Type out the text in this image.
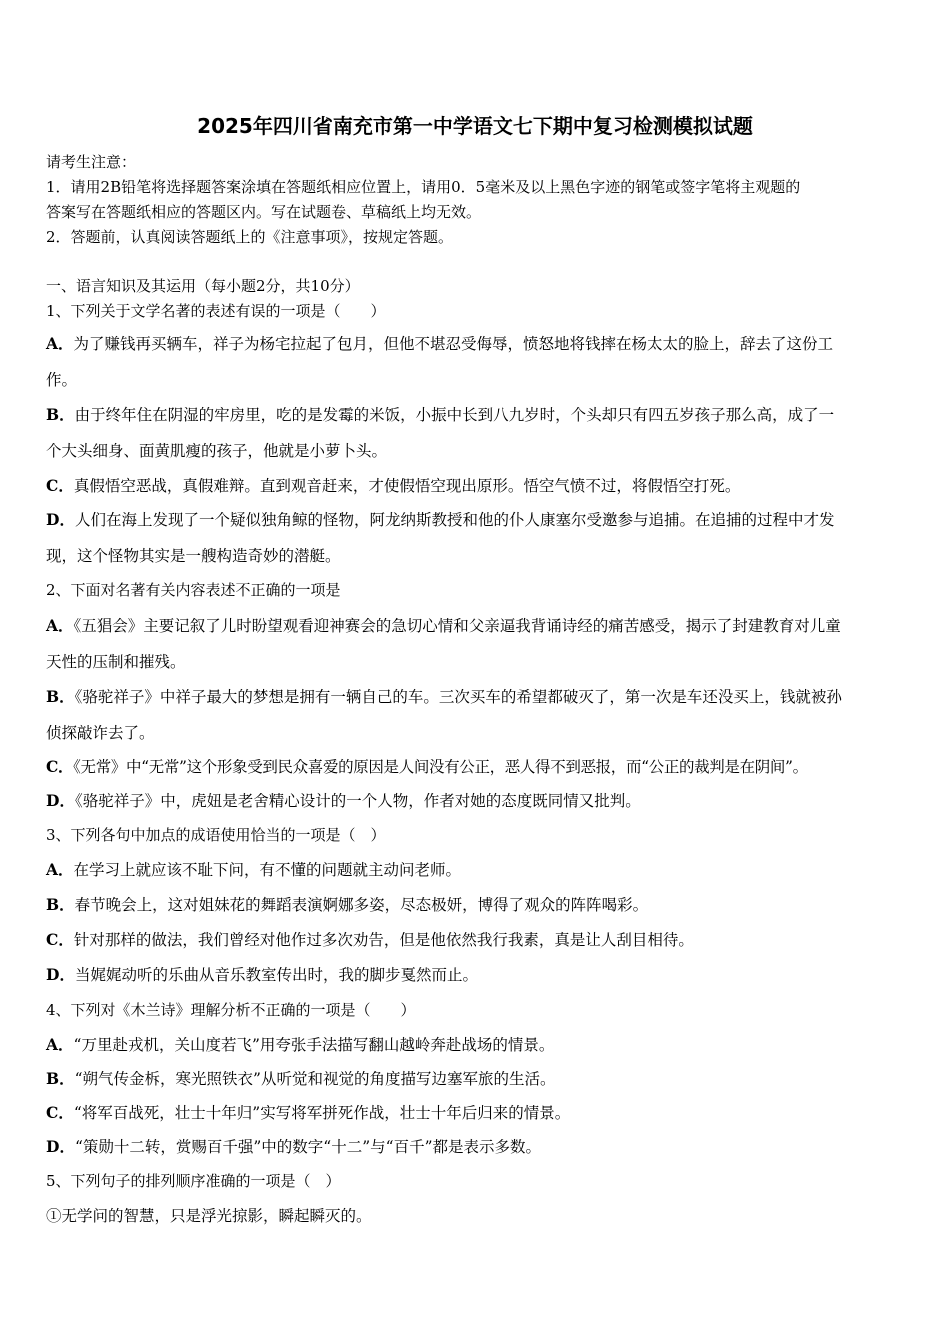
2025年四川省南充市第一中学语文七下期中复习检测模拟试题
请考生注意：
1．请用2B铅笔将选择题答案涂填在答题纸相应位置上，请用0．5毫米及以上黑色字迹的钢笔或签字笔将主观题的
答案写在答题纸相应的答题区内。写在试题卷、草稿纸上均无效。
2．答题前，认真阅读答题纸上的《注意事项》，按规定答题。
一、语言知识及其运用（每小题2分，共10分）
1、下列关于文学名著的表述有误的一项是（　　）
A．为了赚钱再买辆车，祥子为杨宅拉起了包月，但他不堪忍受侮辱，愤怒地将钱摔在杨太太的脸上，辞去了这份工
作。
B．由于终年住在阴湿的牢房里，吃的是发霉的米饭，小振中长到八九岁时，个头却只有四五岁孩子那么高，成了一
个大头细身、面黄肌瘦的孩子，他就是小萝卜头。
C．真假悟空恶战，真假难辩。直到观音赶来，才使假悟空现出原形。悟空气愤不过，将假悟空打死。
D．人们在海上发现了一个疑似独角鲸的怪物，阿龙纳斯教授和他的仆人康塞尔受邀参与追捕。在追捕的过程中才发
现，这个怪物其实是一艘构造奇妙的潜艇。
2、下面对名著有关内容表述不正确的一项是
A．《五猖会》主要记叙了儿时盼望观看迎神赛会的急切心情和父亲逼我背诵诗经的痛苦感受，揭示了封建教育对儿童
天性的压制和摧残。
B．《骆驼祥子》中祥子最大的梦想是拥有一辆自己的车。三次买车的希望都破灭了，第一次是车还没买上，钱就被孙
侦探敲诈去了。
C．《无常》中“无常”这个形象受到民众喜爱的原因是人间没有公正，恶人得不到恶报，而“公正的裁判是在阴间”。
D．《骆驼祥子》中，虎妞是老舍精心设计的一个人物，作者对她的态度既同情又批判。
3、下列各句中加点的成语使用恰当的一项是（　）
A．在学习上就应该不耻下问，有不懂的问题就主动问老师。
B．春节晚会上，这对姐妹花的舞蹈表演婀娜多姿，尽态极妍，博得了观众的阵阵喝彩。
C．针对那样的做法，我们曾经对他作过多次劝告，但是他依然我行我素，真是让人刮目相待。
D．当娓娓动听的乐曲从音乐教室传出时，我的脚步戛然而止。
4、下列对《木兰诗》理解分析不正确的一项是（　　）
A．“万里赴戎机，关山度若飞”用夸张手法描写翻山越岭奔赴战场的情景。
B．“朔气传金柝，寒光照铁衣”从听觉和视觉的角度描写边塞军旅的生活。
C．“将军百战死，壮士十年归”实写将军拼死作战，壮士十年后归来的情景。
D．“策勋十二转，赏赐百千强”中的数字“十二”与“百千”都是表示多数。
5、下列句子的排列顺序准确的一项是（　）
①无学问的智慧，只是浮光掠影，瞬起瞬灭的。
